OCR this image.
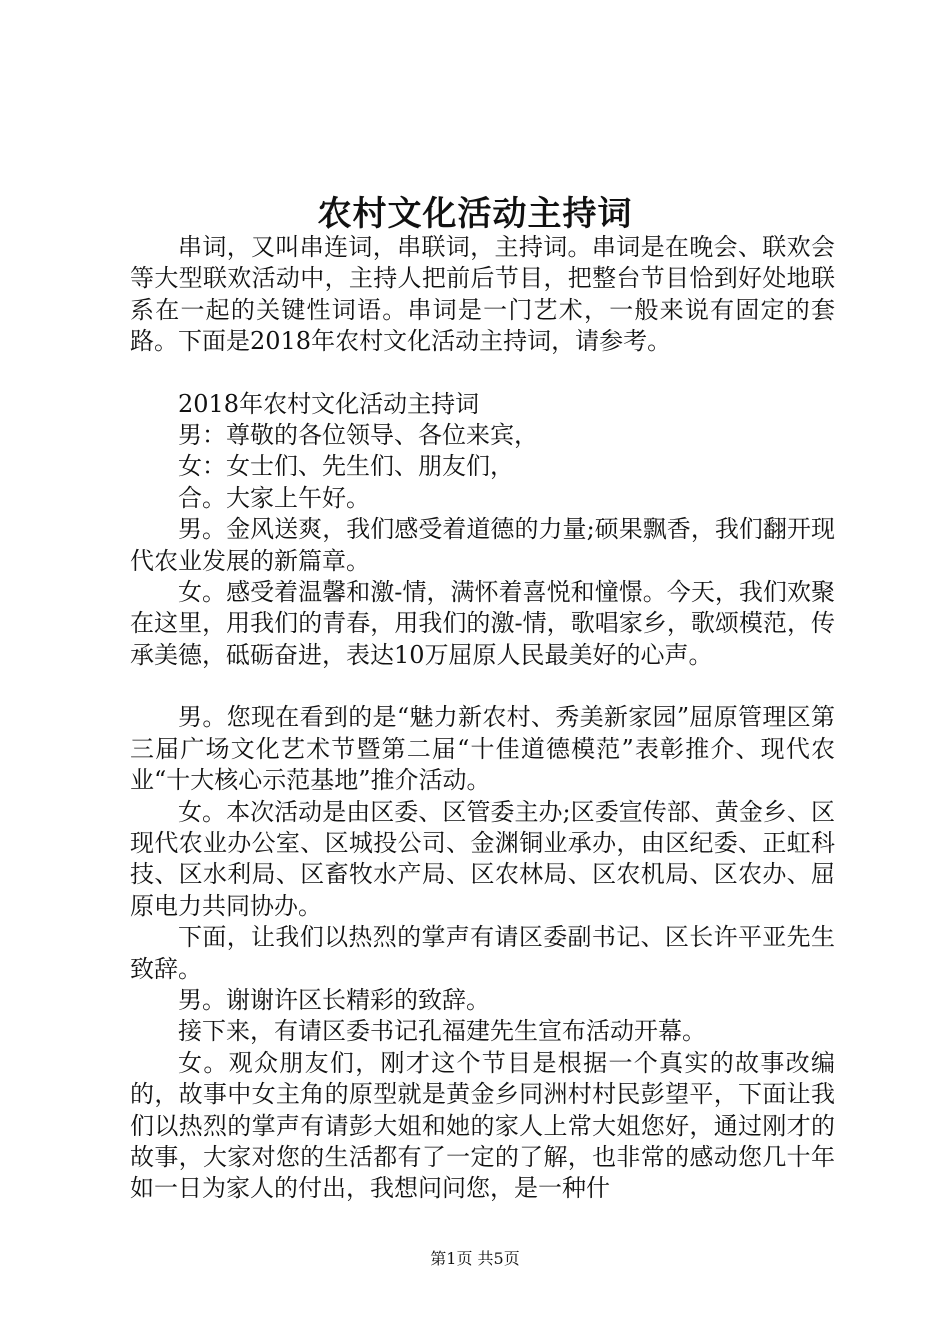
农村文化活动主持词

串词，又叫串连词，串联词，主持词。串词是在晚会、联欢会等大型联欢活动中，主持人把前后节目，把整台节目恰到好处地联系在一起的关键性词语。串词是一门艺术，一般来说有固定的套路。下面是2018年农村文化活动主持词，请参考。

2018年农村文化活动主持词

男：尊敬的各位领导、各位来宾，

女：女士们、先生们、朋友们，

合。大家上午好。

男。金风送爽，我们感受着道德的力量;硕果飘香，我们翻开现代农业发展的新篇章。

女。感受着温馨和激-情，满怀着喜悦和憧憬。今天，我们欢聚在这里，用我们的青春，用我们的激-情，歌唱家乡，歌颂模范，传承美德，砥砺奋进，表达10万屈原人民最美好的心声。

男。您现在看到的是“魅力新农村、秀美新家园”屈原管理区第三届广场文化艺术节暨第二届“十佳道德模范”表彰推介、现代农业“十大核心示范基地”推介活动。

女。本次活动是由区委、区管委主办;区委宣传部、黄金乡、区现代农业办公室、区城投公司、金渊铜业承办，由区纪委、正虹科技、区水利局、区畜牧水产局、区农林局、区农机局、区农办、屈原电力共同协办。

下面，让我们以热烈的掌声有请区委副书记、区长许平亚先生致辞。

男。谢谢许区长精彩的致辞。

接下来，有请区委书记孔福建先生宣布活动开幕。

女。观众朋友们，刚才这个节目是根据一个真实的故事改编的，故事中女主角的原型就是黄金乡同洲村村民彭望平，下面让我们以热烈的掌声有请彭大姐和她的家人上常大姐您好，通过刚才的故事，大家对您的生活都有了一定的了解，也非常的感动您几十年如一日为家人的付出，我想问问您，是一种什

第1页 共5页
